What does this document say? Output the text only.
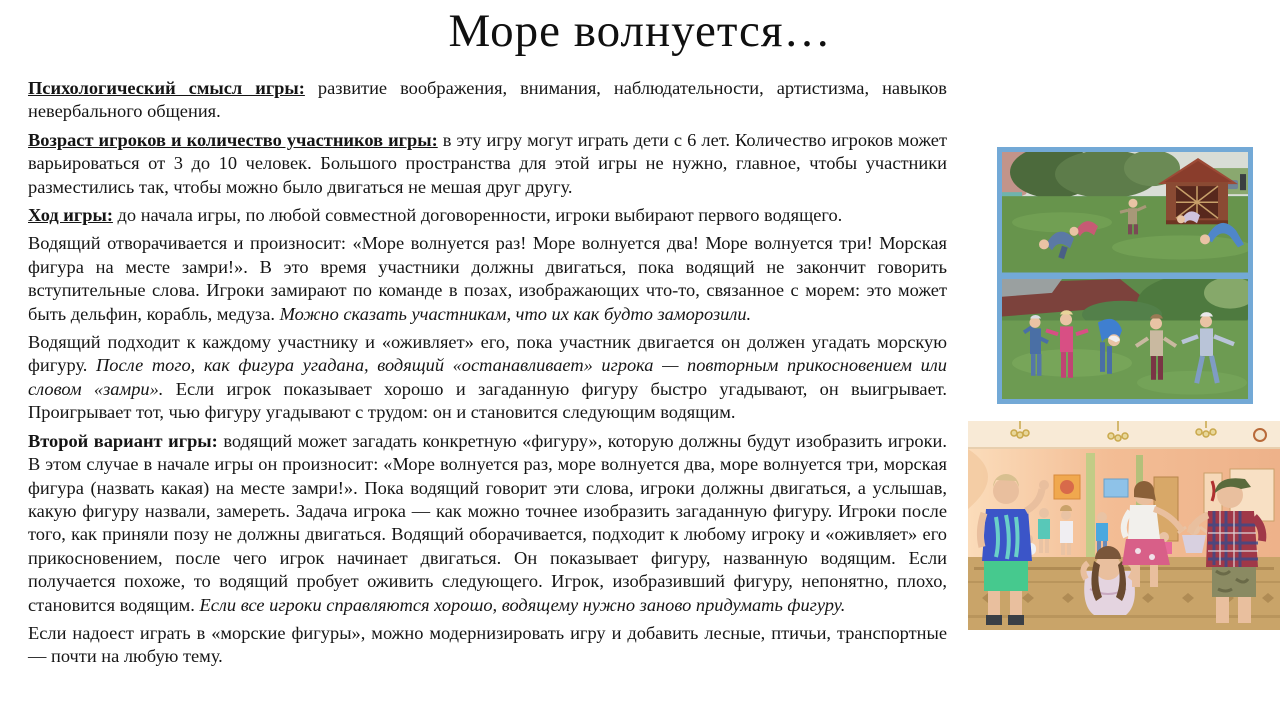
Море волнуется…

Психологический смысл игры: развитие воображения, внимания, наблюдательности, артистизма, навыков невербального общения.

Возраст игроков и количество участников игры: в эту игру могут играть дети с 6 лет. Количество игроков может варьироваться от 3 до 10 человек. Большого пространства для этой игры не нужно, главное, чтобы участники разместились так, чтобы можно было двигаться не мешая друг другу.

Ход игры: до начала игры, по любой совместной договоренности, игроки выбирают первого водящего.

Водящий отворачивается и произносит: «Море волнуется раз! Море волнуется два! Море волнуется три! Морская фигура на месте замри!». В это время участники должны двигаться, пока водящий не закончит говорить вступительные слова. Игроки замирают по команде в позах, изображающих что-то, связанное с морем: это может быть дельфин, корабль, медуза. Можно сказать участникам, что их как будто заморозили.

Водящий подходит к каждому участнику и «оживляет» его, пока участник двигается он должен угадать морскую фигуру. После того, как фигура угадана, водящий «останавливает» игрока — повторным прикосновением или словом «замри». Если игрок показывает хорошо и загаданную фигуру быстро угадывают, он выигрывает. Проигрывает тот, чью фигуру угадывают с трудом: он и становится следующим водящим.

Второй вариант игры: водящий может загадать конкретную «фигуру», которую должны будут изобразить игроки. В этом случае в начале игры он произносит: «Море волнуется раз, море волнуется два, море волнуется три, морская фигура (назвать какая) на месте замри!». Пока водящий говорит эти слова, игроки должны двигаться, а услышав, какую фигуру назвали, замереть. Задача игрока — как можно точнее изобразить загаданную фигуру. Игроки после того, как приняли позу не должны двигаться. Водящий оборачивается, подходит к любому игроку и «оживляет» его прикосновением, после чего игрок начинает двигаться. Он показывает фигуру, названную водящим. Если получается похоже, то водящий пробует оживить следующего. Игрок, изобразивший фигуру, непонятно, плохо, становится водящим. Если все игроки справляются хорошо, водящему нужно заново придумать фигуру.

Если надоест играть в «морские фигуры», можно модернизировать игру и добавить лесные, птичьи, транспортные — почти на любую тему.
